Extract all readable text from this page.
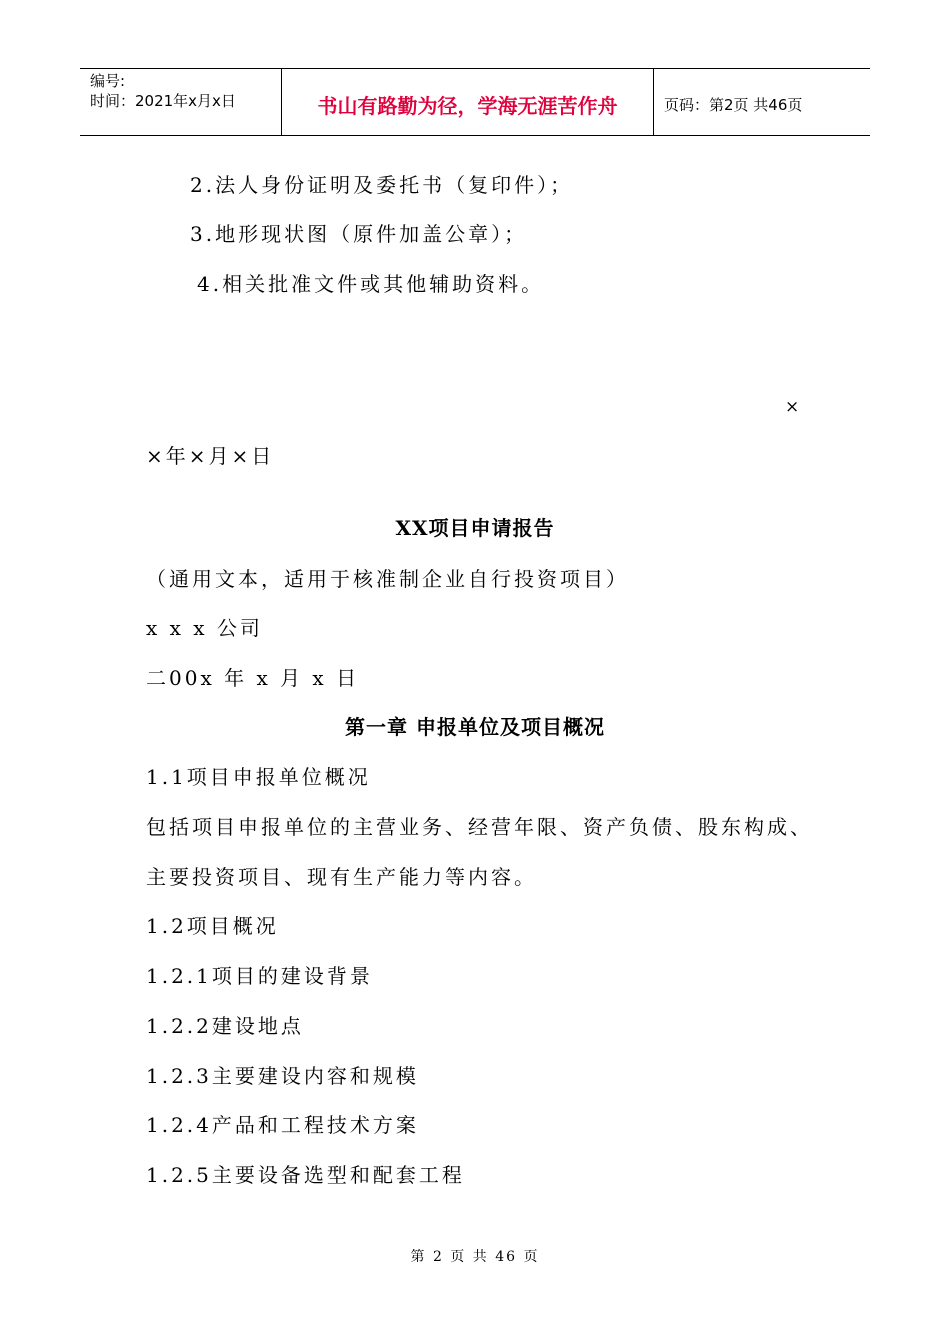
编号:
时间：2021年x月x日	书山有路勤为径，学海无涯苦作舟	页码：第2页 共46页
2.法人身份证明及委托书（复印件）；
3.地形现状图（原件加盖公章）；
4.相关批准文件或其他辅助资料。
×
×年×月×日
XX项目申请报告
（通用文本，适用于核准制企业自行投资项目）
x x x 公司
二00x 年 x 月 x 日
第一章 申报单位及项目概况
1.1项目申报单位概况
包括项目申报单位的主营业务、经营年限、资产负债、股东构成、
主要投资项目、现有生产能力等内容。
1.2项目概况
1.2.1项目的建设背景
1.2.2建设地点
1.2.3主要建设内容和规模
1.2.4产品和工程技术方案
1.2.5主要设备选型和配套工程
第 2 页 共 46 页
